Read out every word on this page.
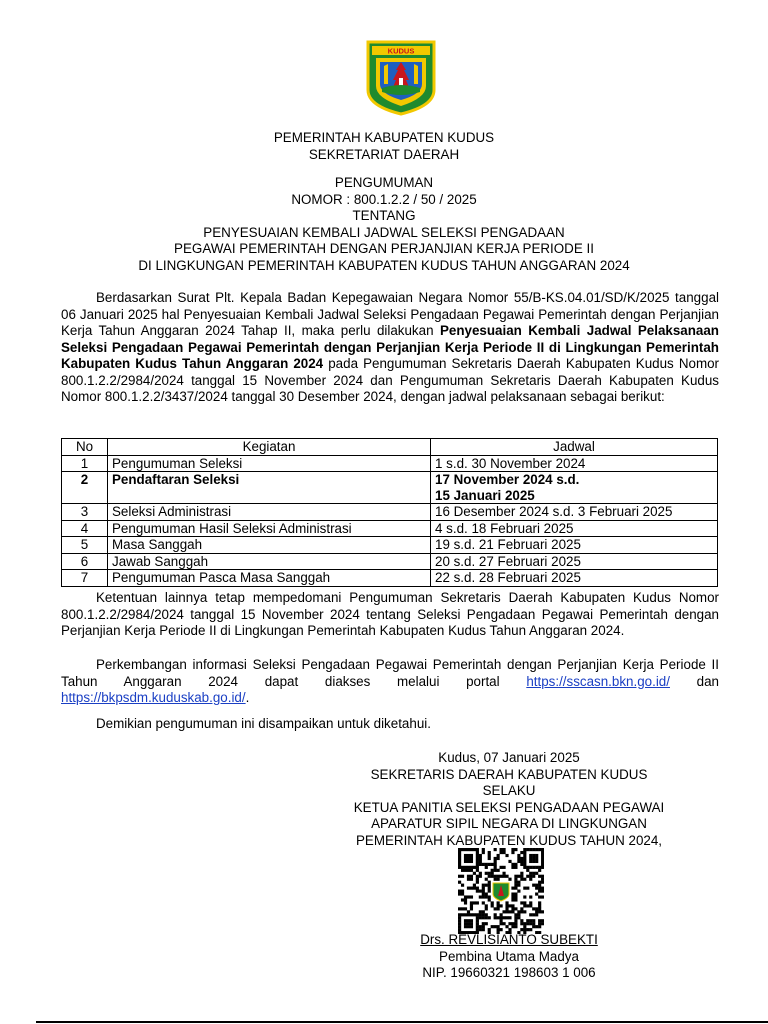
KUDUS
PEMERINTAH KABUPATEN KUDUS
SEKRETARIAT DAERAH
PENGUMUMAN
NOMOR : 800.1.2.2 / 50 / 2025
TENTANG
PENYESUAIAN KEMBALI JADWAL SELEKSI PENGADAAN
PEGAWAI PEMERINTAH DENGAN PERJANJIAN KERJA PERIODE II
DI LINGKUNGAN PEMERINTAH KABUPATEN KUDUS TAHUN ANGGARAN 2024

Berdasarkan Surat Plt. Kepala Badan Kepegawaian Negara Nomor 55/B-KS.04.01/SD/K/2025 tanggal 06 Januari 2025 hal Penyesuaian Kembali Jadwal Seleksi Pengadaan Pegawai Pemerintah dengan Perjanjian Kerja Tahun Anggaran 2024 Tahap II, maka perlu dilakukan Penyesuaian Kembali Jadwal Pelaksanaan Seleksi Pengadaan Pegawai Pemerintah dengan Perjanjian Kerja Periode II di Lingkungan Pemerintah Kabupaten Kudus Tahun Anggaran 2024 pada Pengumuman Sekretaris Daerah Kabupaten Kudus Nomor 800.1.2.2/2984/2024 tanggal 15 November 2024 dan Pengumuman Sekretaris Daerah Kabupaten Kudus Nomor 800.1.2.2/3437/2024 tanggal 30 Desember 2024, dengan jadwal pelaksanaan sebagai berikut:

No	Kegiatan	Jadwal
1	Pengumuman Seleksi	1 s.d. 30 November 2024
2	Pendaftaran Seleksi	17 November 2024 s.d.
15 Januari 2025

3	Seleksi Administrasi	16 Desember 2024 s.d. 3 Februari 2025
4	Pengumuman Hasil Seleksi Administrasi	4 s.d. 18 Februari 2025
5	Masa Sanggah	19 s.d. 21 Februari 2025
6	Jawab Sanggah	20 s.d. 27 Februari 2025
7	Pengumuman Pasca Masa Sanggah	22 s.d. 28 Februari 2025

Ketentuan lainnya tetap mempedomani Pengumuman Sekretaris Daerah Kabupaten Kudus Nomor 800.1.2.2/2984/2024 tanggal 15 November 2024 tentang Seleksi Pengadaan Pegawai Pemerintah dengan Perjanjian Kerja Periode II di Lingkungan Pemerintah Kabupaten Kudus Tahun Anggaran 2024.

Perkembangan informasi Seleksi Pengadaan Pegawai Pemerintah dengan Perjanjian Kerja Periode II Tahun Anggaran 2024 dapat diakses melalui portal https://sscasn.bkn.go.id/ dan https://bkpsdm.kuduskab.go.id/.

Demikian pengumuman ini disampaikan untuk diketahui.

Kudus, 07 Januari 2025
SEKRETARIS DAERAH KABUPATEN KUDUS
SELAKU
KETUA PANITIA SELEKSI PENGADAAN PEGAWAI
APARATUR SIPIL NEGARA DI LINGKUNGAN
PEMERINTAH KABUPATEN KUDUS TAHUN 2024,
Drs. REVLISIANTO SUBEKTI
Pembina Utama Madya
NIP. 19660321 198603 1 006
